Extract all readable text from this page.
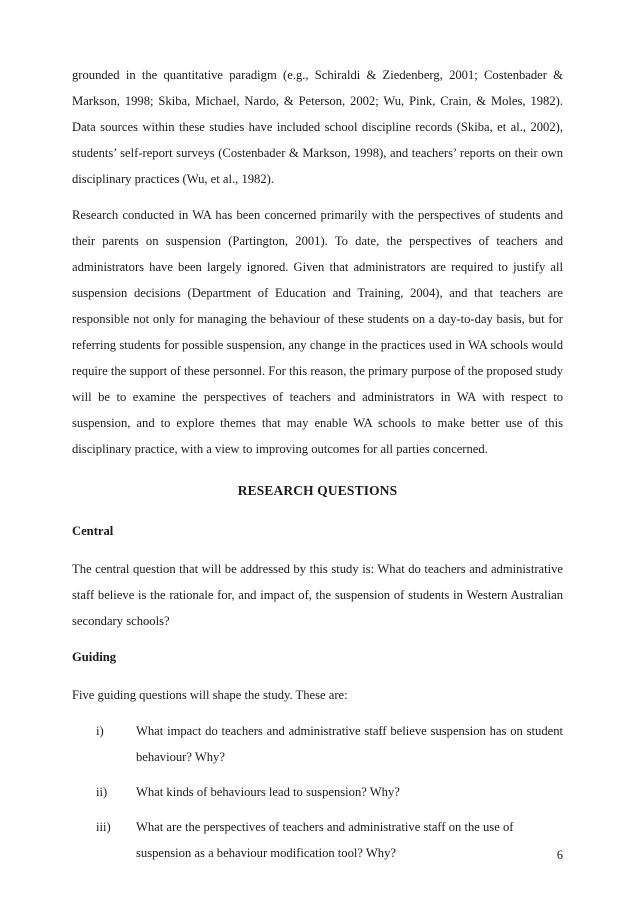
grounded in the quantitative paradigm (e.g., Schiraldi & Ziedenberg, 2001; Costenbader & Markson, 1998; Skiba, Michael, Nardo, & Peterson, 2002; Wu, Pink, Crain, & Moles, 1982). Data sources within these studies have included school discipline records (Skiba, et al., 2002), students’ self-report surveys (Costenbader & Markson, 1998), and teachers’ reports on their own disciplinary practices (Wu, et al., 1982).

Research conducted in WA has been concerned primarily with the perspectives of students and their parents on suspension (Partington, 2001). To date, the perspectives of teachers and administrators have been largely ignored. Given that administrators are required to justify all suspension decisions (Department of Education and Training, 2004), and that teachers are responsible not only for managing the behaviour of these students on a day-to-day basis, but for referring students for possible suspension, any change in the practices used in WA schools would require the support of these personnel. For this reason, the primary purpose of the proposed study will be to examine the perspectives of teachers and administrators in WA with respect to suspension, and to explore themes that may enable WA schools to make better use of this disciplinary practice, with a view to improving outcomes for all parties concerned.

RESEARCH QUESTIONS
Central

The central question that will be addressed by this study is: What do teachers and administrative staff believe is the rationale for, and impact of, the suspension of students in Western Australian secondary schools?

Guiding

Five guiding questions will shape the study. These are:

i)	What impact do teachers and administrative staff believe suspension has on student behaviour? Why?
ii)	What kinds of behaviours lead to suspension? Why?
iii)	What are the perspectives of teachers and administrative staff on the use of suspension as a behaviour modification tool? Why?	6
